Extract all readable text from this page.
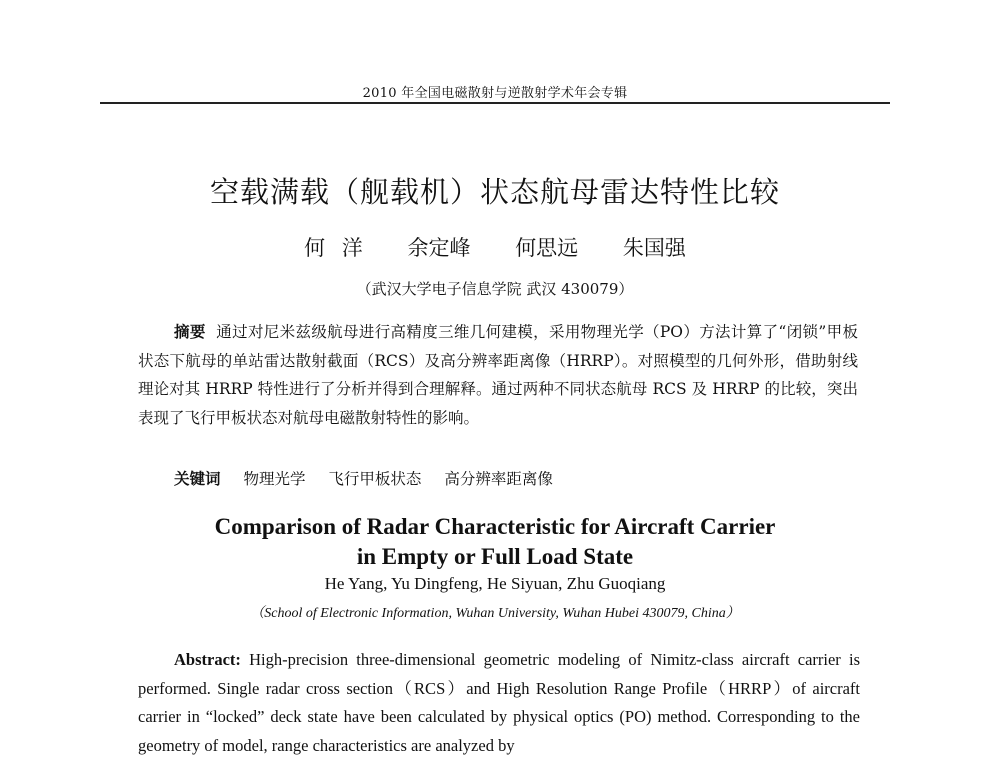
2010 年全国电磁散射与逆散射学术年会专辑
空载满载（舰载机）状态航母雷达特性比较
何 洋 余定峰 何思远 朱国强
（武汉大学电子信息学院 武汉 430079）
摘要 通过对尼米兹级航母进行高精度三维几何建模，采用物理光学（PO）方法计算了“闭锁”甲板状态下航母的单站雷达散射截面（RCS）及高分辨率距离像（HRRP）。对照模型的几何外形，借助射线理论对其 HRRP 特性进行了分析并得到合理解释。通过两种不同状态航母 RCS 及 HRRP 的比较，突出表现了飞行甲板状态对航母电磁散射特性的影响。
关键词 物理光学 飞行甲板状态 高分辨率距离像
Comparison of Radar Characteristic for Aircraft Carrier
in Empty or Full Load State
He Yang, Yu Dingfeng, He Siyuan, Zhu Guoqiang
（School of Electronic Information, Wuhan University, Wuhan Hubei 430079, China）
Abstract: High-precision three-dimensional geometric modeling of Nimitz-class aircraft carrier is performed. Single radar cross section（RCS）and High Resolution Range Profile（HRRP）of aircraft carrier in “locked” deck state have been calculated by physical optics (PO) method. Corresponding to the geometry of model, range characteristics are analyzed by
